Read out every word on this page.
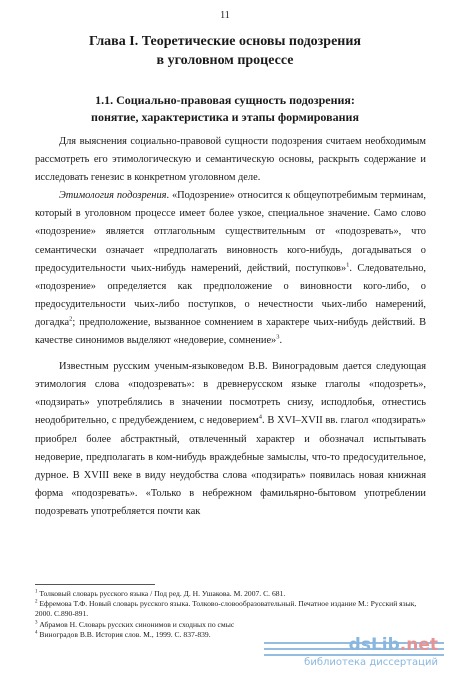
11
Глава I. Теоретические основы подозрения
в уголовном процессе
1.1. Социально-правовая сущность подозрения:
понятие, характеристика и этапы формирования

Для выяснения социально-правовой сущности подозрения считаем необходимым рассмотреть его этимологическую и семантическую основы, раскрыть содержание и исследовать генезис в конкретном уголовном деле.

Этимология подозрения. «Подозрение» относится к общеупотребимым терминам, который в уголовном процессе имеет более узкое, специальное значение. Само слово «подозрение» является отглагольным существительным от «подозревать», что семантически означает «предполагать виновность кого-нибудь, догадываться о предосудительности чьих-нибудь намерений, действий, поступков»$^1$. Следовательно, «подозрение» определяется как предположение о виновности кого-либо, о предосудительности чьих-либо поступков, о нечестности чьих-либо намерений, догадка$^2$; предположение, вызванное сомнением в характере чьих-нибудь действий. В качестве синонимов выделяют «недоверие, сомнение»$^3$.

Известным русским ученым-языковедом В.В. Виноградовым дается следующая этимология слова «подозревать»: в древнерусском языке глаголы «подозреть», «подзирать» употреблялись в значении посмотреть снизу, исподлобья, отнестись неодобрительно, с предубеждением, с недоверием$^4$. В XVI–XVII вв. глагол «подзирать» приобрел более абстрактный, отвлеченный характер и обозначал испытывать недоверие, предполагать в ком-нибудь враждебные замыслы, что-то предосудительное, дурное. В XVIII веке в виду неудобства слова «подзирать» появилась новая книжная форма «подозревать». «Только в небрежном фамильярно-бытовом употреблении подозревать употребляется почти как

$^1$ Толковый словарь русского языка / Под ред. Д. Н. Ушакова. М. 2007. С. 681.
$^2$ Ефремова Т.Ф. Новый словарь русского языка. Толково-словообразовательный. Печатное издание М.: Русский язык, 2000. С.890-891.
$^3$ Абрамов Н. Словарь русских синонимов и сходных по смыс
$^4$ Виноградов В.В. История слов. М., 1999. С. 837-839.
dsLib.net
библиотека диссертаций
